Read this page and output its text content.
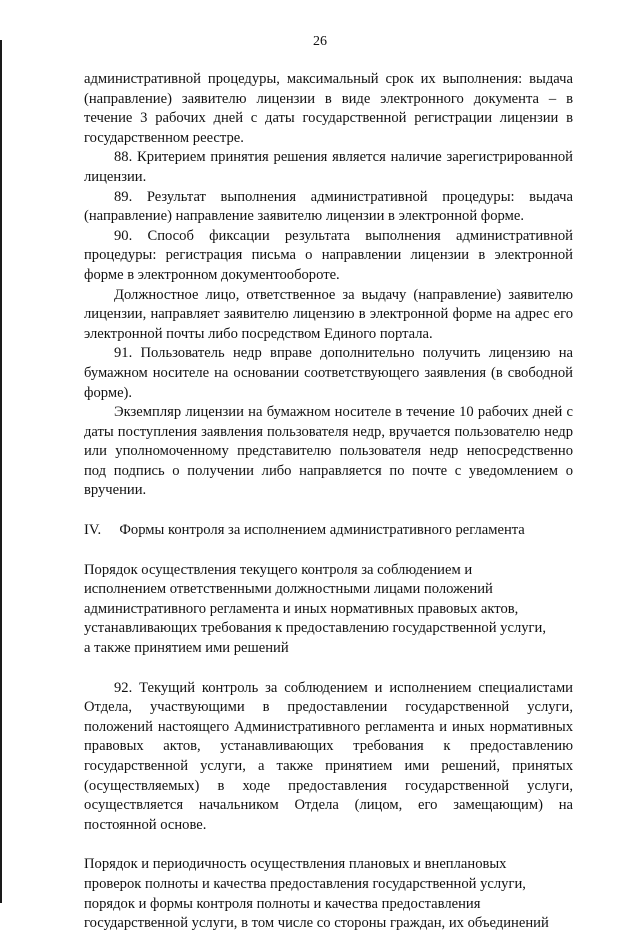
26

административной процедуры, максимальный срок их выполнения: выдача (направление) заявителю лицензии в виде электронного документа – в течение 3 рабочих дней с даты государственной регистрации лицензии в государственном реестре.

88. Критерием принятия решения является наличие зарегистрированной лицензии.

89. Результат выполнения административной процедуры: выдача (направление) направление заявителю лицензии в электронной форме.

90. Способ фиксации результата выполнения административной процедуры: регистрация письма о направлении лицензии в электронной форме в электронном документообороте.

Должностное лицо, ответственное за выдачу (направление) заявителю лицензии, направляет заявителю лицензию в электронной форме на адрес его электронной почты либо посредством Единого портала.

91. Пользователь недр вправе дополнительно получить лицензию на бумажном носителе на основании соответствующего заявления (в свободной форме).

Экземпляр лицензии на бумажном носителе в течение 10 рабочих дней с даты поступления заявления пользователя недр, вручается пользователю недр или уполномоченному представителю пользователя недр непосредственно под подпись о получении либо направляется по почте с уведомлением о вручении.

IV.     Формы контроля за исполнением административного регламента

Порядок осуществления текущего контроля за соблюдением и

исполнением ответственными должностными лицами положений

административного регламента и иных нормативных правовых актов,

устанавливающих требования к предоставлению государственной услуги,

а также принятием ими решений

92. Текущий контроль за соблюдением и исполнением специалистами Отдела, участвующими в предоставлении государственной услуги, положений настоящего Административного регламента и иных нормативных правовых актов, устанавливающих требования к предоставлению государственной услуги, а также принятием ими решений, принятых (осуществляемых) в ходе предоставления государственной услуги, осуществляется начальником Отдела (лицом, его замещающим) на постоянной основе.

Порядок и периодичность осуществления плановых и внеплановых

проверок полноты и качества предоставления государственной услуги,

порядок и формы контроля полноты и качества предоставления

государственной услуги, в том числе со стороны граждан, их объединений
